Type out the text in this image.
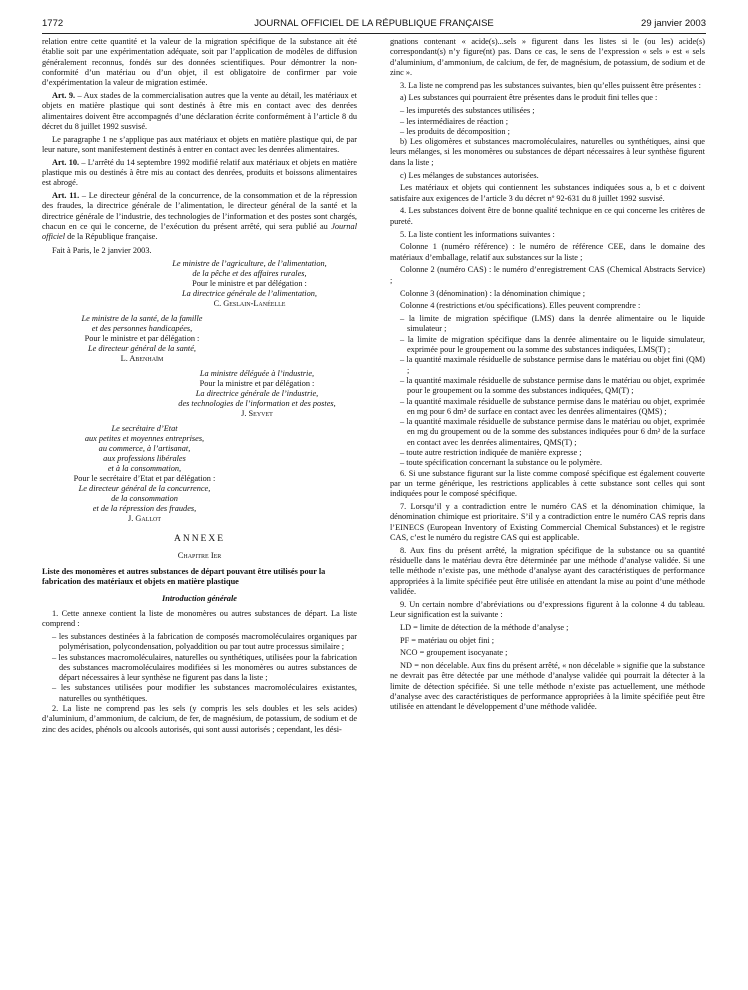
1772	JOURNAL OFFICIEL DE LA RÉPUBLIQUE FRANÇAISE	29 janvier 2003

relation entre cette quantité et la valeur de la migration spécifique de la substance ait été établie soit par une expérimentation adéquate, soit par l’application de modèles de diffusion généralement reconnus, fondés sur des données scientifiques. Pour démontrer la non-conformité d’un matériau ou d’un objet, il est obligatoire de confirmer par voie d’expérimentation la valeur de migration estimée.

Art. 9. – Aux stades de la commercialisation autres que la vente au détail, les matériaux et objets en matière plastique qui sont destinés à être mis en contact avec des denrées alimentaires doivent être accompagnés d’une déclaration écrite conformément à l’article 8 du décret du 8 juillet 1992 susvisé.

Le paragraphe 1 ne s’applique pas aux matériaux et objets en matière plastique qui, de par leur nature, sont manifestement destinés à entrer en contact avec les denrées alimentaires.

Art. 10. – L’arrêté du 14 septembre 1992 modifié relatif aux matériaux et objets en matière plastique mis ou destinés à être mis au contact des denrées, produits et boissons alimentaires est abrogé.

Art. 11. – Le directeur général de la concurrence, de la consommation et de la répression des fraudes, la directrice générale de l’alimentation, le directeur général de la santé et la directrice générale de l’industrie, des technologies de l’information et des postes sont chargés, chacun en ce qui le concerne, de l’exécution du présent arrêté, qui sera publié au Journal officiel de la République française.

Fait à Paris, le 2 janvier 2003.

Le ministre de l’agriculture, de l’alimentation,

de la pêche et des affaires rurales,

Pour le ministre et par délégation :

La directrice générale de l’alimentation,

C. Geslain-Lanéelle

Le ministre de la santé, de la famille

et des personnes handicapées,

Pour le ministre et par délégation :

Le directeur général de la santé,

L. Abenhaïm

La ministre déléguée à l’industrie,

Pour la ministre et par délégation :

La directrice générale de l’industrie,

des technologies de l’information et des postes,

J. Seyvet

Le secrétaire d’Etat

aux petites et moyennes entreprises,

au commerce, à l’artisanat,

aux professions libérales

et à la consommation,

Pour le secrétaire d’Etat et par délégation :

Le directeur général de la concurrence,

de la consommation

et de la répression des fraudes,

J. Gallot

ANNEXE

Chapitre Ier

Liste des monomères et autres substances de départ pouvant être utilisés pour la fabrication des matériaux et objets en matière plastique

Introduction générale

1. Cette annexe contient la liste de monomères ou autres substances de départ. La liste comprend :

– les substances destinées à la fabrication de composés macromoléculaires organiques par polymérisation, polycondensation, polyaddition ou par tout autre processus similaire ;

– les substances macromoléculaires, naturelles ou synthétiques, utilisées pour la fabrication des substances macromoléculaires modifiées si les monomères ou autres substances de départ nécessaires à leur synthèse ne figurent pas dans la liste ;

– les substances utilisées pour modifier les substances macromoléculaires existantes, naturelles ou synthétiques.

2. La liste ne comprend pas les sels (y compris les sels doubles et les sels acides) d’aluminium, d’ammonium, de calcium, de fer, de magnésium, de potassium, de sodium et de zinc des acides, phénols ou alcools autorisés, qui sont aussi autorisés ; cependant, les dési-

gnations contenant « acide(s)...sels » figurent dans les listes si le (ou les) acide(s) correspondant(s) n’y figure(nt) pas. Dans ce cas, le sens de l’expression « sels » est « sels d’aluminium, d’ammonium, de calcium, de fer, de magnésium, de potassium, de sodium et de zinc ».

3. La liste ne comprend pas les substances suivantes, bien qu’elles puissent être présentes :

a) Les substances qui pourraient être présentes dans le produit fini telles que :

– les impuretés des substances utilisées ;

– les intermédiaires de réaction ;

– les produits de décomposition ;

b) Les oligomères et substances macromoléculaires, naturelles ou synthétiques, ainsi que leurs mélanges, si les monomères ou substances de départ nécessaires à leur synthèse figurent dans la liste ;

c) Les mélanges de substances autorisées.

Les matériaux et objets qui contiennent les substances indiquées sous a, b et c doivent satisfaire aux exigences de l’article 3 du décret nº 92-631 du 8 juillet 1992 susvisé.

4. Les substances doivent être de bonne qualité technique en ce qui concerne les critères de pureté.

5. La liste contient les informations suivantes :

Colonne 1 (numéro référence) : le numéro de référence CEE, dans le domaine des matériaux d’emballage, relatif aux substances sur la liste ;

Colonne 2 (numéro CAS) : le numéro d’enregistrement CAS (Chemical Abstracts Service) ;

Colonne 3 (dénomination) : la dénomination chimique ;

Colonne 4 (restrictions et/ou spécifications). Elles peuvent comprendre :

– la limite de migration spécifique (LMS) dans la denrée alimentaire ou le liquide simulateur ;

– la limite de migration spécifique dans la denrée alimentaire ou le liquide simulateur, exprimée pour le groupement ou la somme des substances indiquées, LMS(T) ;

– la quantité maximale résiduelle de substance permise dans le matériau ou objet fini (QM) ;

– la quantité maximale résiduelle de substance permise dans le matériau ou objet, exprimée pour le groupement ou la somme des substances indiquées, QM(T) ;

– la quantité maximale résiduelle de substance permise dans le matériau ou objet, exprimée en mg pour 6 dm² de surface en contact avec les denrées alimentaires (QMS) ;

– la quantité maximale résiduelle de substance permise dans le matériau ou objet, exprimée en mg du groupement ou de la somme des substances indiquées pour 6 dm² de la surface en contact avec les denrées alimentaires, QMS(T) ;

– toute autre restriction indiquée de manière expresse ;

– toute spécification concernant la substance ou le polymère.

6. Si une substance figurant sur la liste comme composé spécifique est également couverte par un terme générique, les restrictions applicables à cette substance sont celles qui sont indiquées pour le composé spécifique.

7. Lorsqu’il y a contradiction entre le numéro CAS et la dénomination chimique, la dénomination chimique est prioritaire. S’il y a contradiction entre le numéro CAS repris dans l’EINECS (European Inventory of Existing Commercial Chemical Substances) et le registre CAS, c’est le numéro du registre CAS qui est applicable.

8. Aux fins du présent arrêté, la migration spécifique de la substance ou sa quantité résiduelle dans le matériau devra être déterminée par une méthode d’analyse validée. Si une telle méthode n’existe pas, une méthode d’analyse ayant des caractéristiques de performance appropriées à la limite spécifiée peut être utilisée en attendant la mise au point d’une méthode validée.

9. Un certain nombre d’abréviations ou d’expressions figurent à la colonne 4 du tableau. Leur signification est la suivante :

LD = limite de détection de la méthode d’analyse ;

PF = matériau ou objet fini ;

NCO = groupement isocyanate ;

ND = non décelable. Aux fins du présent arrêté, « non décelable » signifie que la substance ne devrait pas être détectée par une méthode d’analyse validée qui pourrait la détecter à la limite de détection spécifiée. Si une telle méthode n’existe pas actuellement, une méthode d’analyse avec des caractéristiques de performance appropriées à la limite spécifiée peut être utilisée en attendant le développement d’une méthode validée.
